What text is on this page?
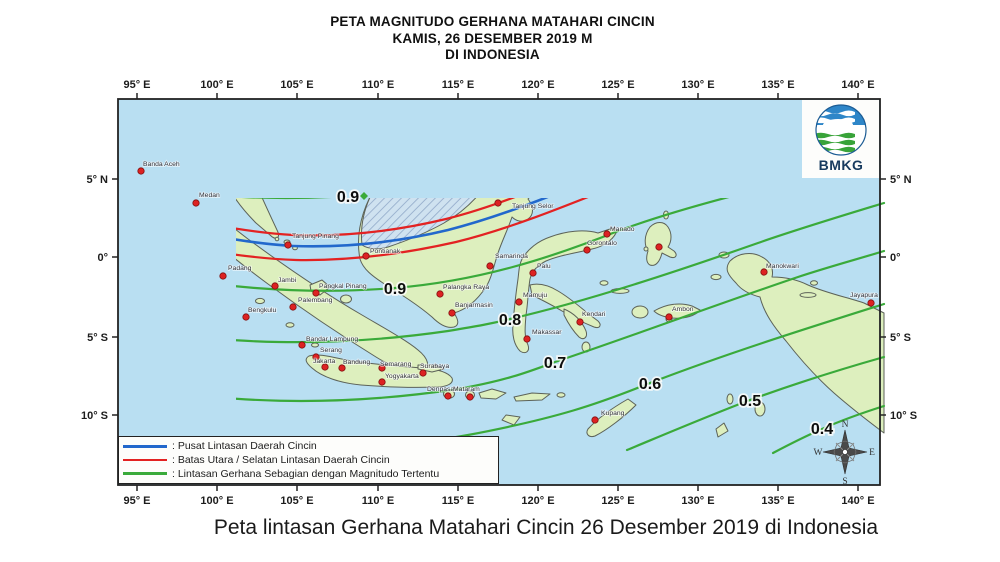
PETA MAGNITUDO GERHANA MATAHARI CINCIN
KAMIS, 26 DESEMBER 2019 M
DI INDONESIA
Banda Aceh
Medan
Tanjung Pinang
Padang
Jambi
Pangkal Pinang
Palembang
Bengkulu
Bandar Lampung
Serang
Jakarta Bandung Semarang
Yogyakarta
Surabaya
Denpasar
Mataram
Pontianak
Palangka Raya
Banjarmasin
Samarinda
Tanjung Selor
Palu
Mamuju
Makassar
Kendari
Manado
Gorontalo
Ambon
Kupang
Manokwari
Jayapura
0.9
0.9
0.8
0.7
0.6
0.5
0.4
BMKG
N
E
S
W
95° E	100° E	105° E	110° E	115° E	120° E	125° E	130° E	135° E	140° E
95° E	100° E	105° E	110° E	115° E	120° E	125° E	130° E	135° E	140° E
5° N
0°
5° S
10° S
5° N
0°
5° S
10° S
: Pusat Lintasan Daerah Cincin
: Batas Utara / Selatan Lintasan Daerah Cincin
: Lintasan Gerhana Sebagian dengan Magnitudo Tertentu
Peta lintasan Gerhana Matahari Cincin 26 Desember 2019 di Indonesia
